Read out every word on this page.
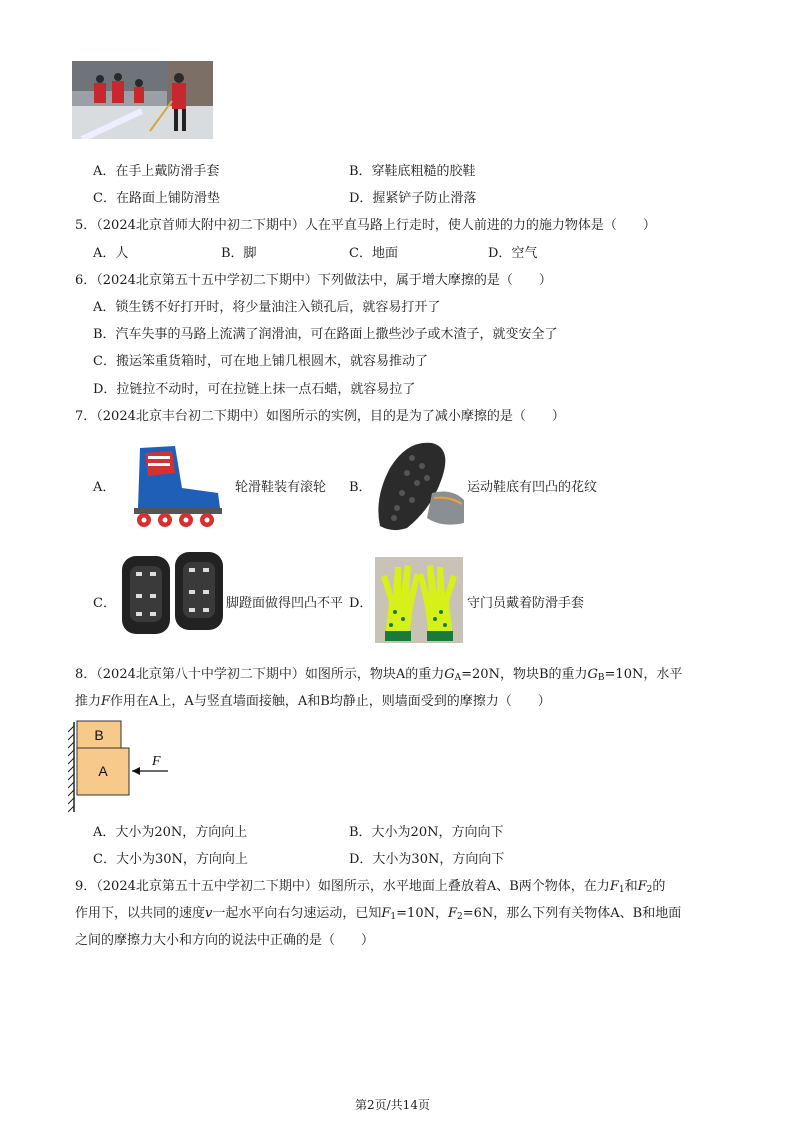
A．在手上戴防滑手套	B．穿鞋底粗糙的胶鞋
C．在路面上铺防滑垫	D．握紧铲子防止滑落
5．（2024北京首师大附中初二下期中）人在平直马路上行走时，使人前进的力的施力物体是（　　）
A．人	B．脚	C．地面	D．空气
6．（2024北京第五十五中学初二下期中）下列做法中，属于增大摩擦的是（　　）
A．锁生锈不好打开时，将少量油注入锁孔后，就容易打开了
B．汽车失事的马路上流满了润滑油，可在路面上撒些沙子或木渣子，就变安全了
C．搬运笨重货箱时，可在地上铺几根圆木，就容易推动了
D．拉链拉不动时，可在拉链上抹一点石蜡，就容易拉了
7．（2024北京丰台初二下期中）如图所示的实例，目的是为了减小摩擦的是（　　）
A．	轮滑鞋装有滚轮 B．	运动鞋底有凹凸的花纹
C．	脚蹬面做得凹凸不平 D．	守门员戴着防滑手套
8．（2024北京第八十中学初二下期中）如图所示，物块A的重力$G_A=20N$，物块B的重力$G_B=10N$，水平
推力F作用在A上，A与竖直墙面接触，A和B均静止，则墙面受到的摩擦力（　　）
B
A
F
A．大小为20N，方向向上	B．大小为20N，方向向下
C．大小为30N，方向向上	D．大小为30N，方向向下
9．（2024北京第五十五中学初二下期中）如图所示，水平地面上叠放着A、B两个物体，在力$F_1$和$F_2$的
作用下，以共同的速度v一起水平向右匀速运动，已知$F_1=10N$，$F_2=6N$，那么下列有关物体A、B和地面
之间的摩擦力大小和方向的说法中正确的是（　　）
第2页/共14页
